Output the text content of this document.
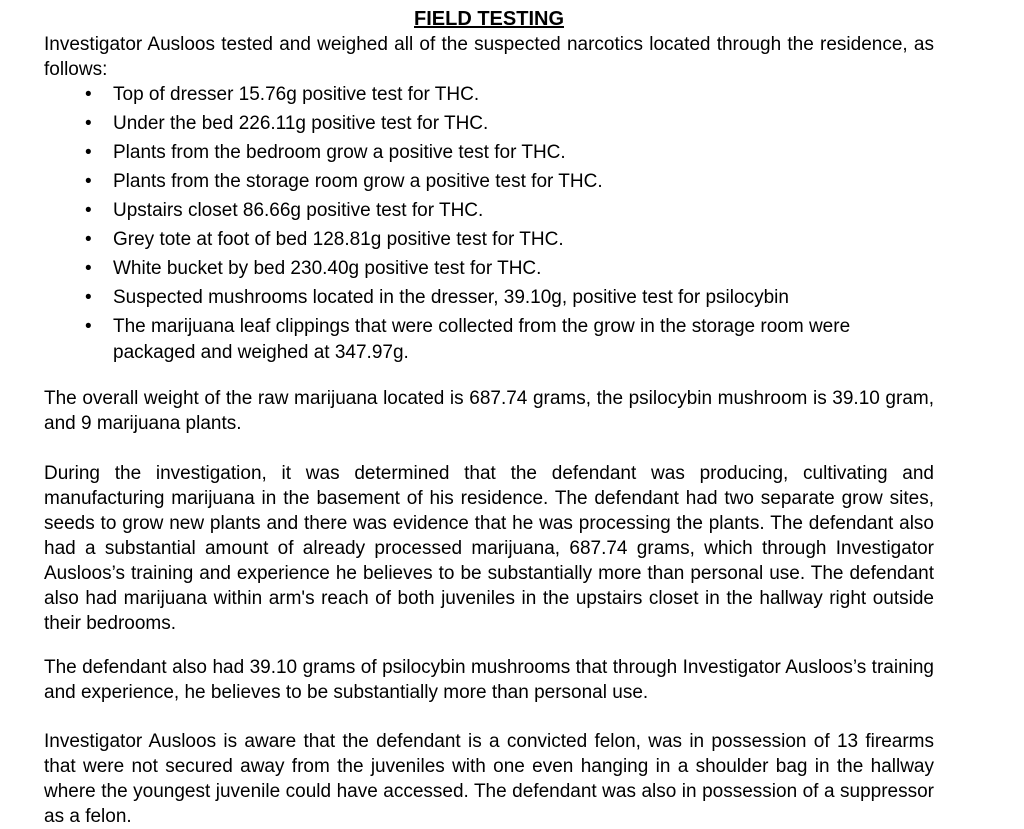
FIELD TESTING

Investigator Ausloos tested and weighed all of the suspected narcotics located through the residence, as follows:

• Top of dresser 15.76g positive test for THC.
• Under the bed 226.11g positive test for THC.
• Plants from the bedroom grow a positive test for THC.
• Plants from the storage room grow a positive test for THC.
• Upstairs closet 86.66g positive test for THC.
• Grey tote at foot of bed 128.81g positive test for THC.
• White bucket by bed 230.40g positive test for THC.
• Suspected mushrooms located in the dresser, 39.10g, positive test for psilocybin
• The marijuana leaf clippings that were collected from the grow in the storage room were packaged and weighed at 347.97g.

The overall weight of the raw marijuana located is 687.74 grams, the psilocybin mushroom is 39.10 gram, and 9 marijuana plants.

During the investigation, it was determined that the defendant was producing, cultivating and manufacturing marijuana in the basement of his residence. The defendant had two separate grow sites, seeds to grow new plants and there was evidence that he was processing the plants. The defendant also had a substantial amount of already processed marijuana, 687.74 grams, which through Investigator Ausloos’s training and experience he believes to be substantially more than personal use. The defendant also had marijuana within arm's reach of both juveniles in the upstairs closet in the hallway right outside their bedrooms.

The defendant also had 39.10 grams of psilocybin mushrooms that through Investigator Ausloos’s training and experience, he believes to be substantially more than personal use.

Investigator Ausloos is aware that the defendant is a convicted felon, was in possession of 13 firearms that were not secured away from the juveniles with one even hanging in a shoulder bag in the hallway where the youngest juvenile could have accessed. The defendant was also in possession of a suppressor as a felon.
